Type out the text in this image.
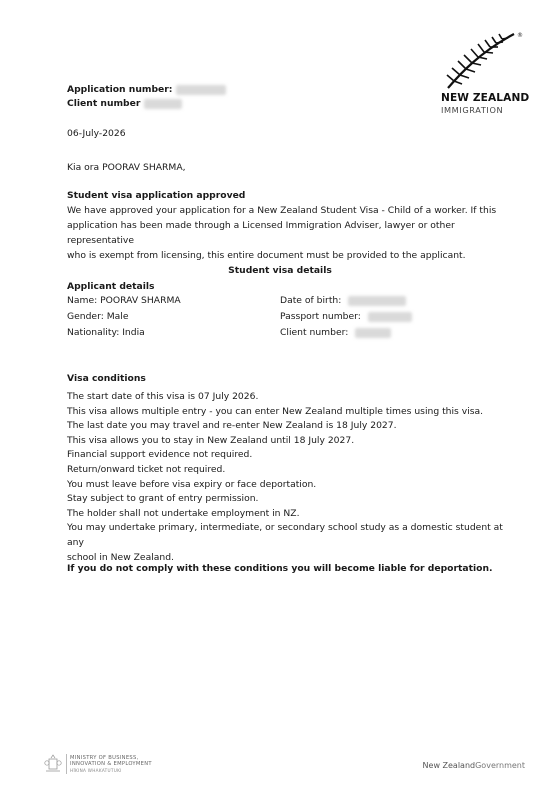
®
NEW ZEALAND
IMMIGRATION
Application number:
Client number
06-July-2026
Kia ora POORAV SHARMA,
Student visa application approved
We have approved your application for a New Zealand Student Visa - Child of a worker. If this
application has been made through a Licensed Immigration Adviser, lawyer or other representative
who is exempt from licensing, this entire document must be provided to the applicant.
Student visa details
Applicant details
Name: POORAV SHARMA
Gender: Male
Nationality: India
Date of birth:
Passport number:
Client number:
Visa conditions
The start date of this visa is 07 July 2026.
This visa allows multiple entry - you can enter New Zealand multiple times using this visa.
The last date you may travel and re-enter New Zealand is 18 July 2027.
This visa allows you to stay in New Zealand until 18 July 2027.
Financial support evidence not required.
Return/onward ticket not required.
You must leave before visa expiry or face deportation.
Stay subject to grant of entry permission.
The holder shall not undertake employment in NZ.
You may undertake primary, intermediate, or secondary school study as a domestic student at any
school in New Zealand.
If you do not comply with these conditions you will become liable for deportation.
MINISTRY OF BUSINESS,
INNOVATION & EMPLOYMENT
HĪKINA WHAKATUTUKI
New ZealandGovernment
